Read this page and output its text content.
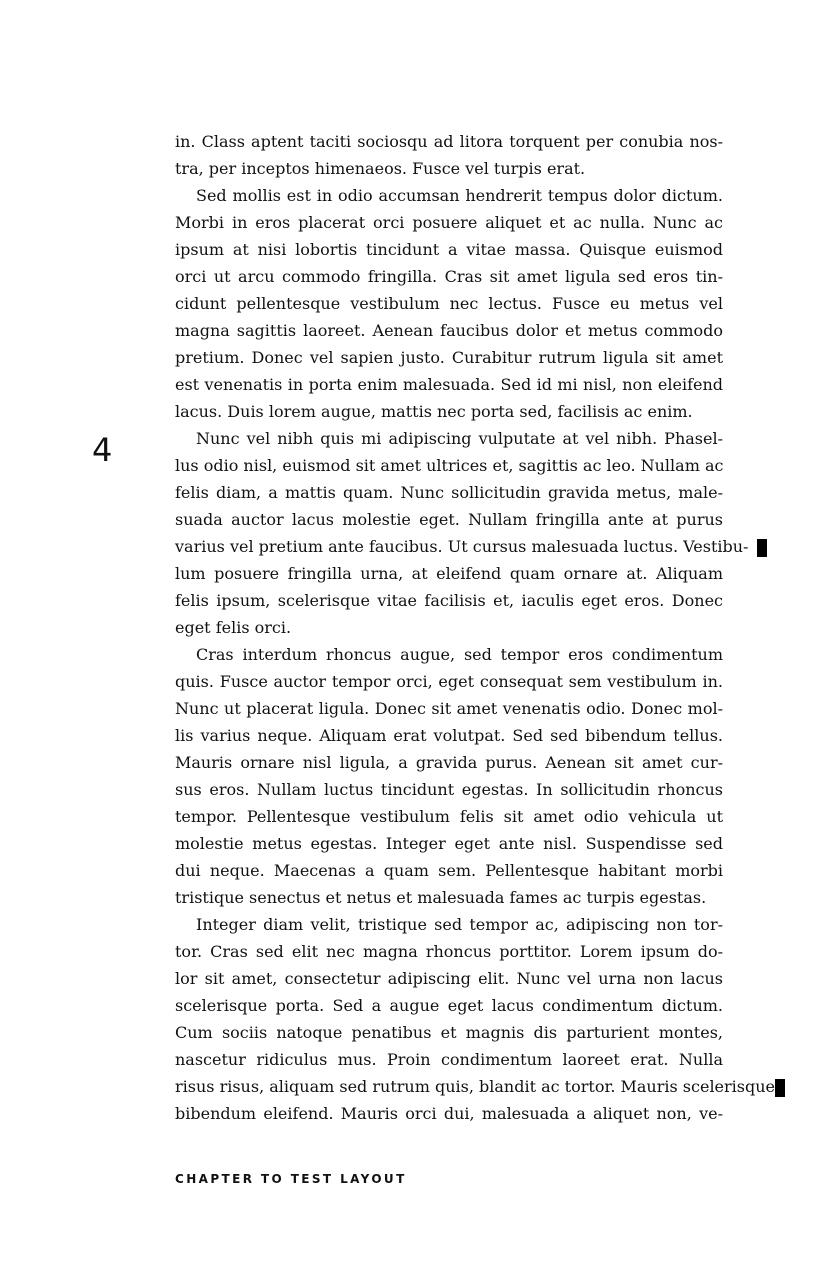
4
in. Class aptent taciti sociosqu ad litora torquent per conubia nos-
tra, per inceptos himenaeos. Fusce vel turpis erat.
Sed mollis est in odio accumsan hendrerit tempus dolor dictum.
Morbi in eros placerat orci posuere aliquet et ac nulla. Nunc ac
ipsum at nisi lobortis tincidunt a vitae massa. Quisque euismod
orci ut arcu commodo fringilla. Cras sit amet ligula sed eros tin-
cidunt pellentesque vestibulum nec lectus. Fusce eu metus vel
magna sagittis laoreet. Aenean faucibus dolor et metus commodo
pretium. Donec vel sapien justo. Curabitur rutrum ligula sit amet
est venenatis in porta enim malesuada. Sed id mi nisl, non eleifend
lacus. Duis lorem augue, mattis nec porta sed, facilisis ac enim.
Nunc vel nibh quis mi adipiscing vulputate at vel nibh. Phasel-
lus odio nisl, euismod sit amet ultrices et, sagittis ac leo. Nullam ac
felis diam, a mattis quam. Nunc sollicitudin gravida metus, male-
suada auctor lacus molestie eget. Nullam fringilla ante at purus
varius vel pretium ante faucibus. Ut cursus malesuada luctus. Vestibu-
lum posuere fringilla urna, at eleifend quam ornare at. Aliquam
felis ipsum, scelerisque vitae facilisis et, iaculis eget eros. Donec
eget felis orci.
Cras interdum rhoncus augue, sed tempor eros condimentum
quis. Fusce auctor tempor orci, eget consequat sem vestibulum in.
Nunc ut placerat ligula. Donec sit amet venenatis odio. Donec mol-
lis varius neque. Aliquam erat volutpat. Sed sed bibendum tellus.
Mauris ornare nisl ligula, a gravida purus. Aenean sit amet cur-
sus eros. Nullam luctus tincidunt egestas. In sollicitudin rhoncus
tempor. Pellentesque vestibulum felis sit amet odio vehicula ut
molestie metus egestas. Integer eget ante nisl. Suspendisse sed
dui neque. Maecenas a quam sem. Pellentesque habitant morbi
tristique senectus et netus et malesuada fames ac turpis egestas.
Integer diam velit, tristique sed tempor ac, adipiscing non tor-
tor. Cras sed elit nec magna rhoncus porttitor. Lorem ipsum do-
lor sit amet, consectetur adipiscing elit. Nunc vel urna non lacus
scelerisque porta. Sed a augue eget lacus condimentum dictum.
Cum sociis natoque penatibus et magnis dis parturient montes,
nascetur ridiculus mus. Proin condimentum laoreet erat. Nulla
risus risus, aliquam sed rutrum quis, blandit ac tortor. Mauris scelerisque
bibendum eleifend. Mauris orci dui, malesuada a aliquet non, ve-
CHAPTER TO TEST LAYOUT
